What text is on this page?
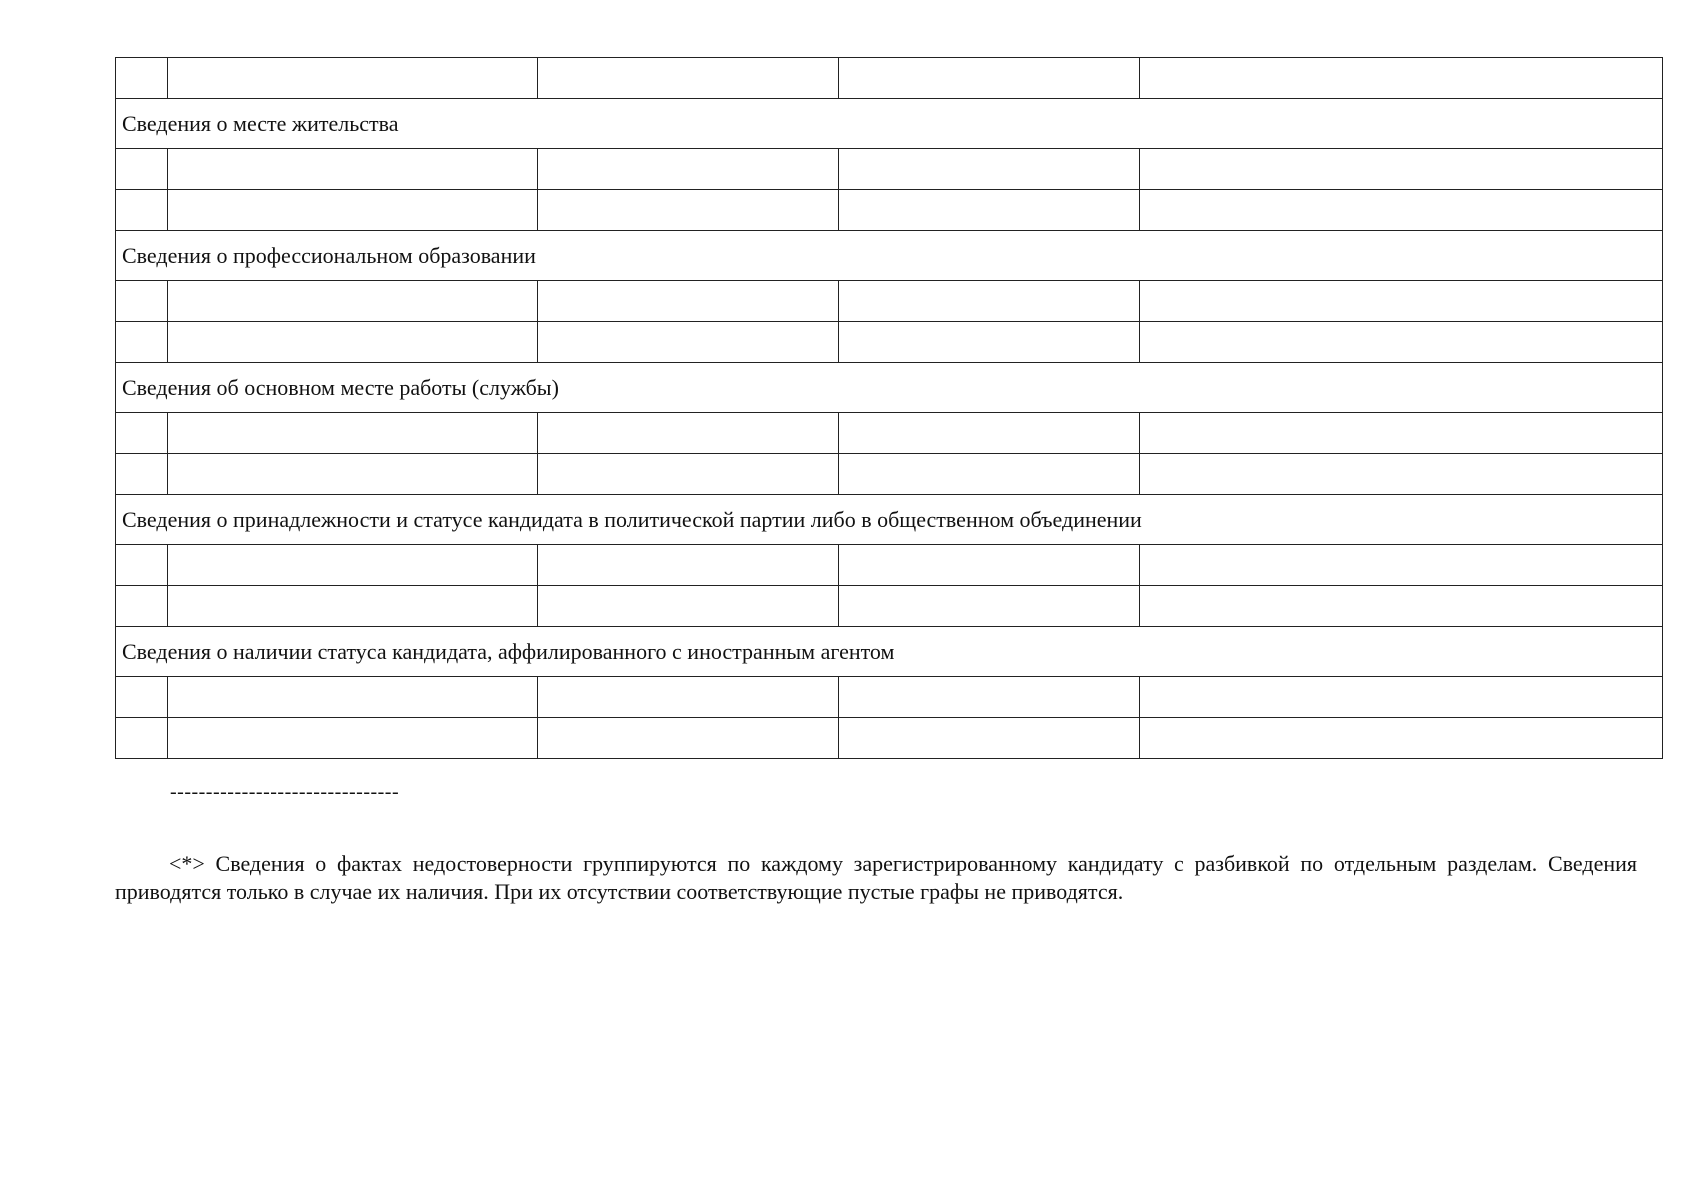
Сведения о месте жительства				

Сведения о профессиональном образовании				

Сведения об основном месте работы (службы)				

Сведения о принадлежности и статусе кандидата в политической партии либо в общественном объединении				

Сведения о наличии статуса кандидата, аффилированного с иностранным агентом				

--------------------------------

<*> Сведения о фактах недостоверности группируются по каждому зарегистрированному кандидату с разбивкой по отдельным разделам. Сведения приводятся только в случае их наличия. При их отсутствии соответствующие пустые графы не приводятся.
